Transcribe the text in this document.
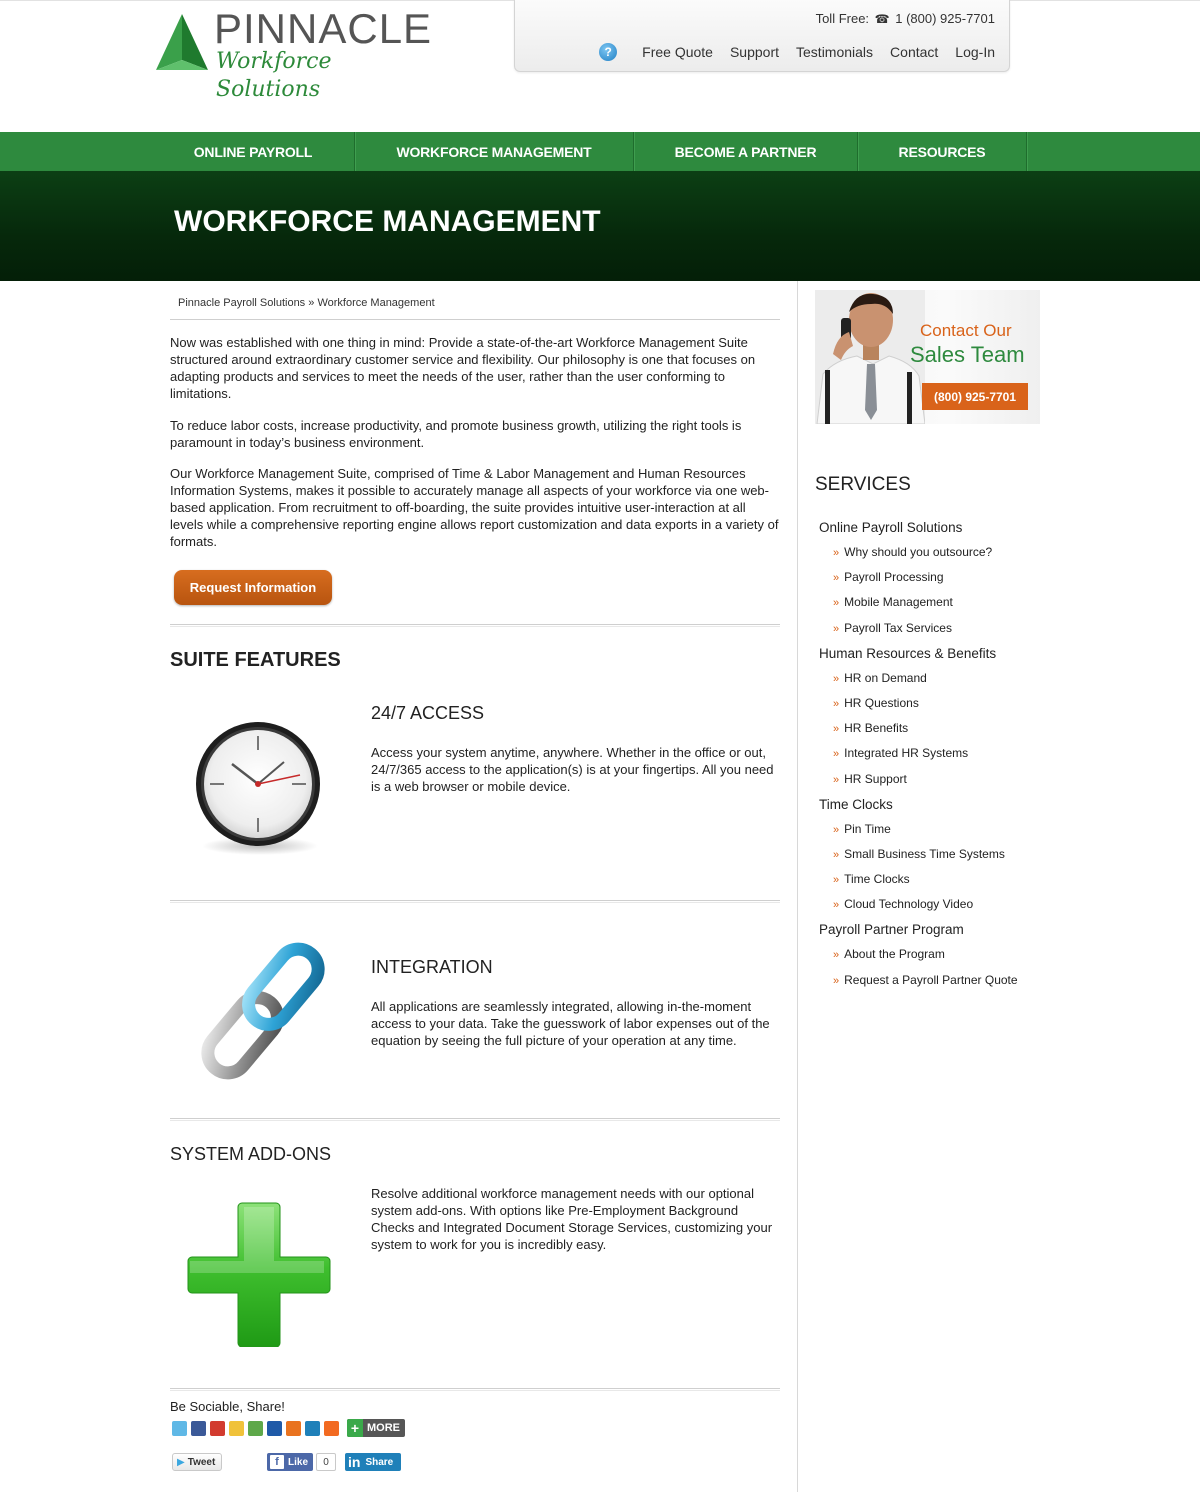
PINNACLE
Workforce Solutions
Toll Free: ☎ 1 (800) 925-7701
?	Free Quote Support Testimonials Contact Log-In
ONLINE PAYROLL	WORKFORCE MANAGEMENT	BECOME A PARTNER	RESOURCES
WORKFORCE MANAGEMENT
Pinnacle Payroll Solutions » Workforce Management

Now was established with one thing in mind: Provide a state-of-the-art Workforce Management Suite structured around extraordinary customer service and flexibility. Our philosophy is one that focuses on adapting products and services to meet the needs of the user, rather than the user conforming to limitations.

To reduce labor costs, increase productivity, and promote business growth, utilizing the right tools is paramount in today’s business environment.

Our Workforce Management Suite, comprised of Time & Labor Management and Human Resources Information Systems, makes it possible to accurately manage all aspects of your workforce via one web-based application. From recruitment to off-boarding, the suite provides intuitive user-interaction at all levels while a comprehensive reporting engine allows report customization and data exports in a variety of formats.

Request Information
SUITE FEATURES
24/7 ACCESS

Access your system anytime, anywhere. Whether in the office or out, 24/7/365 access to the application(s) is at your fingertips. All you need is a web browser or mobile device.

INTEGRATION

All applications are seamlessly integrated, allowing in-the-moment access to your data. Take the guesswork of labor expenses out of the equation by seeing the full picture of your operation at any time.

SYSTEM ADD-ONS

Resolve additional workforce management needs with our optional system add-ons. With options like Pre-Employment Background Checks and Integrated Document Storage Services, customizing your system to work for you is incredibly easy.

Be Sociable, Share!
+ MORE
▶ Tweet	f Like	0	in Share
Contact Our
Sales Team
(800) 925-7701
SERVICES
Online Payroll Solutions
» Why should you outsource?
» Payroll Processing
» Mobile Management
» Payroll Tax Services
Human Resources & Benefits
» HR on Demand
» HR Questions
» HR Benefits
» Integrated HR Systems
» HR Support
Time Clocks
» Pin Time
» Small Business Time Systems
» Time Clocks
» Cloud Technology Video
Payroll Partner Program
» About the Program
» Request a Payroll Partner Quote
